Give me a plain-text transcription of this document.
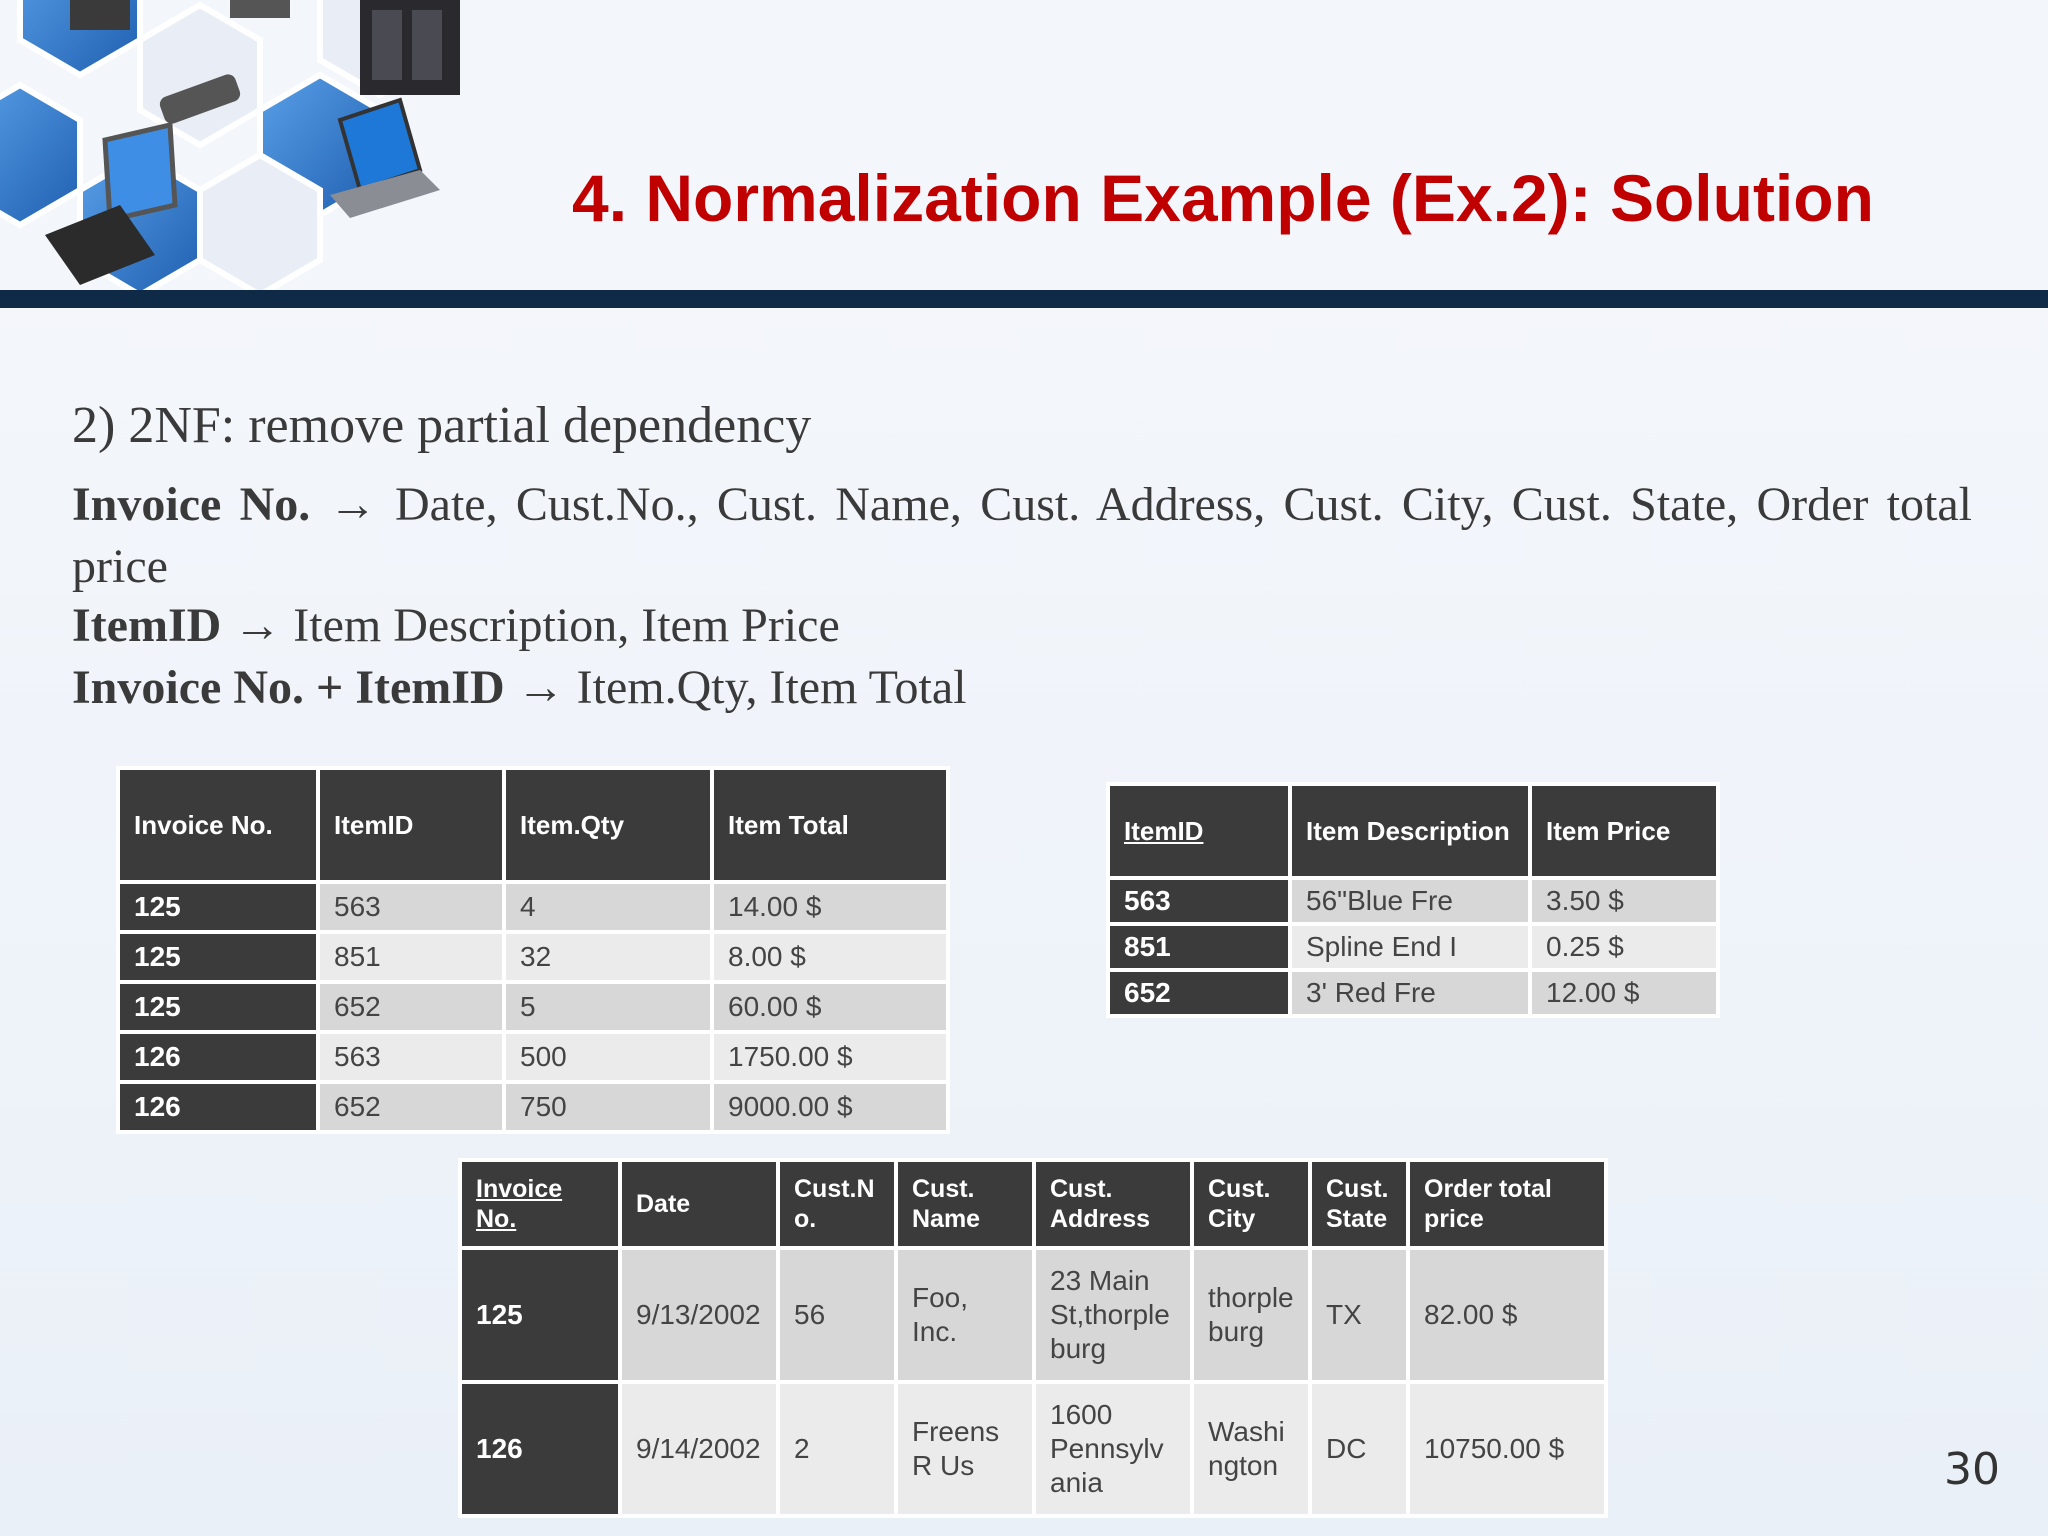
4. Normalization Example (Ex.2): Solution
2) 2NF: remove partial dependency
Invoice No. → Date, Cust.No., Cust. Name, Cust. Address, Cust. City, Cust. State, Order total price
ItemID → Item Description, Item Price
Invoice No. + ItemID → Item.Qty, Item Total
Invoice No.	ItemID	Item.Qty	Item Total
125	563	4	14.00 $
125	851	32	8.00 $
125	652	5	60.00 $
126	563	500	1750.00 $
126	652	750	9000.00 $
ItemID	Item Description	Item Price
563	56"Blue Fre	3.50 $
851	Spline End I	0.25 $
652	3' Red Fre	12.00 $
Invoice No.	Date	Cust.N o.	Cust. Name	Cust. Address	Cust. City	Cust. State	Order total price
125	9/13/2002	56	Foo, Inc.	23 Main St,thorple burg	thorple burg	TX	82.00 $
126	9/14/2002	2	Freens R Us	1600 Pennsylv ania	Washi ngton	DC	10750.00 $	30
